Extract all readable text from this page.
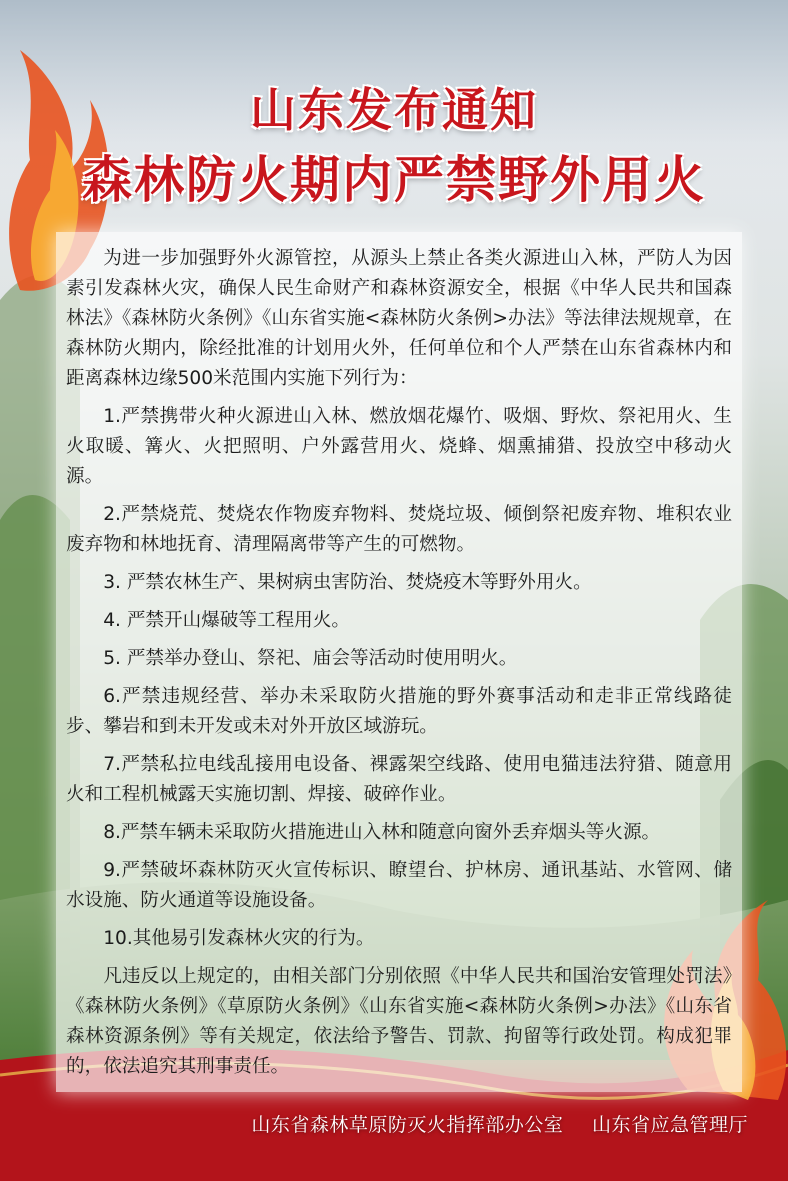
山东发布通知
森林防火期内严禁野外用火

为进一步加强野外火源管控，从源头上禁止各类火源进山入林，严防人为因素引发森林火灾，确保人民生命财产和森林资源安全，根据《中华人民共和国森林法》《森林防火条例》《山东省实施<森林防火条例>办法》等法律法规规章，在森林防火期内，除经批准的计划用火外，任何单位和个人严禁在山东省森林内和距离森林边缘500米范围内实施下列行为：

1.严禁携带火种火源进山入林、燃放烟花爆竹、吸烟、野炊、祭祀用火、生火取暖、篝火、火把照明、户外露营用火、烧蜂、烟熏捕猎、投放空中移动火源。

2.严禁烧荒、焚烧农作物废弃物料、焚烧垃圾、倾倒祭祀废弃物、堆积农业废弃物和林地抚育、清理隔离带等产生的可燃物。

3. 严禁农林生产、果树病虫害防治、焚烧疫木等野外用火。

4. 严禁开山爆破等工程用火。

5. 严禁举办登山、祭祀、庙会等活动时使用明火。

6.严禁违规经营、举办未采取防火措施的野外赛事活动和走非正常线路徒步、攀岩和到未开发或未对外开放区域游玩。

7.严禁私拉电线乱接用电设备、裸露架空线路、使用电猫违法狩猎、随意用火和工程机械露天实施切割、焊接、破碎作业。

8.严禁车辆未采取防火措施进山入林和随意向窗外丢弃烟头等火源。

9.严禁破坏森林防灭火宣传标识、瞭望台、护林房、通讯基站、水管网、储水设施、防火通道等设施设备。

10.其他易引发森林火灾的行为。

凡违反以上规定的，由相关部门分别依照《中华人民共和国治安管理处罚法》《森林防火条例》《草原防火条例》《山东省实施<森林防火条例>办法》《山东省森林资源条例》等有关规定，依法给予警告、罚款、拘留等行政处罚。构成犯罪的，依法追究其刑事责任。

山东省森林草原防灭火指挥部办公室 山东省应急管理厅
